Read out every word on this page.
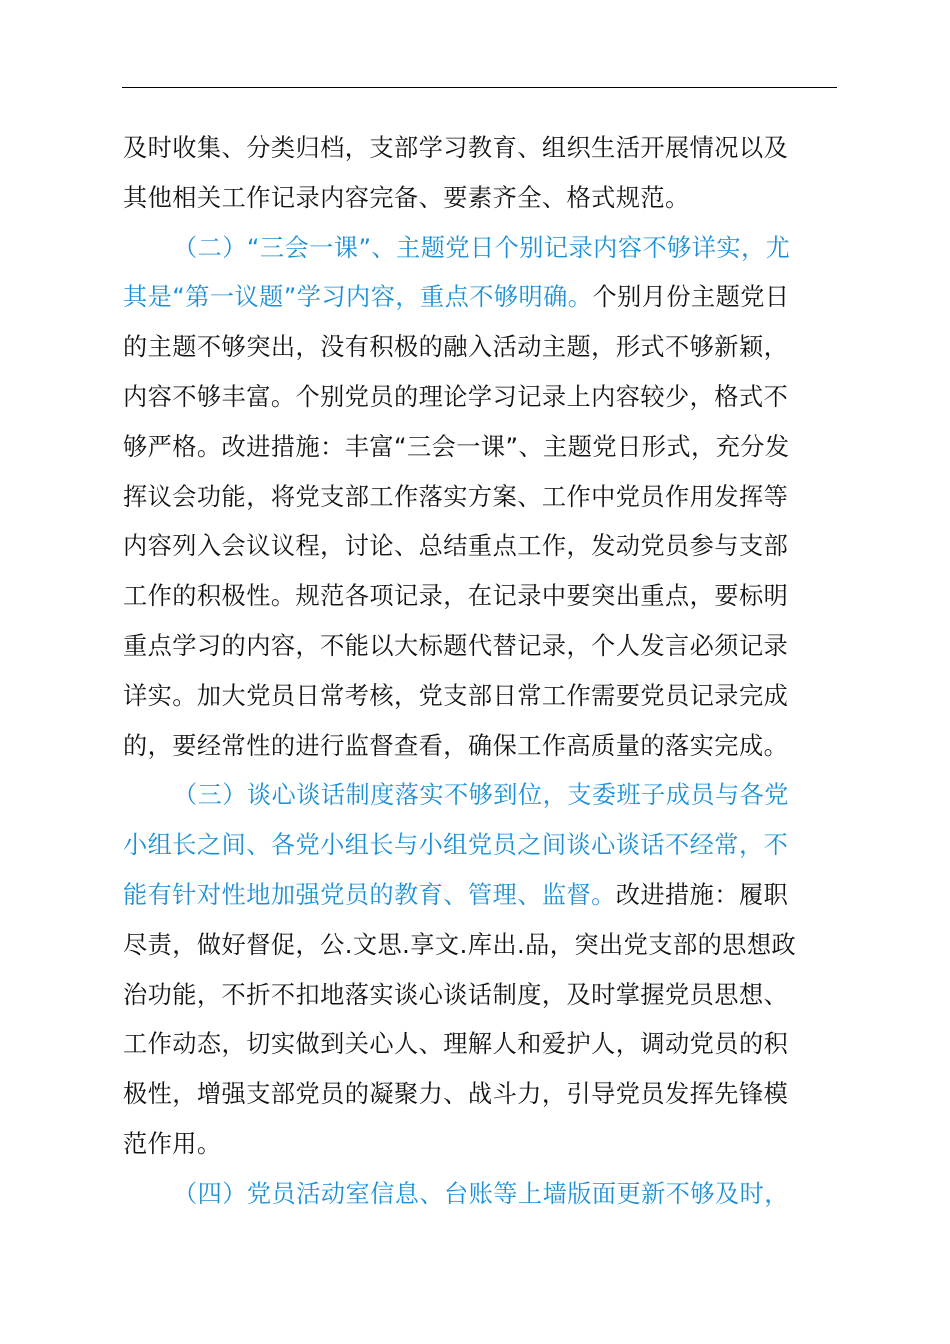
及时收集、分类归档，支部学习教育、组织生活开展情况以及
其他相关工作记录内容完备、要素齐全、格式规范。
（二）“三会一课”、主题党日个别记录内容不够详实，尤
其是“第一议题”学习内容，重点不够明确。个别月份主题党日
的主题不够突出，没有积极的融入活动主题，形式不够新颖，
内容不够丰富。个别党员的理论学习记录上内容较少，格式不
够严格。改进措施：丰富“三会一课”、主题党日形式，充分发
挥议会功能，将党支部工作落实方案、工作中党员作用发挥等
内容列入会议议程，讨论、总结重点工作，发动党员参与支部
工作的积极性。规范各项记录，在记录中要突出重点，要标明
重点学习的内容，不能以大标题代替记录，个人发言必须记录
详实。加大党员日常考核，党支部日常工作需要党员记录完成
的，要经常性的进行监督查看，确保工作高质量的落实完成。
（三）谈心谈话制度落实不够到位，支委班子成员与各党
小组长之间、各党小组长与小组党员之间谈心谈话不经常，不
能有针对性地加强党员的教育、管理、监督。改进措施：履职
尽责，做好督促，公.文思.享文.库出.品，突出党支部的思想政
治功能，不折不扣地落实谈心谈话制度，及时掌握党员思想、
工作动态，切实做到关心人、理解人和爱护人，调动党员的积
极性，增强支部党员的凝聚力、战斗力，引导党员发挥先锋模
范作用。
（四）党员活动室信息、台账等上墙版面更新不够及时，
